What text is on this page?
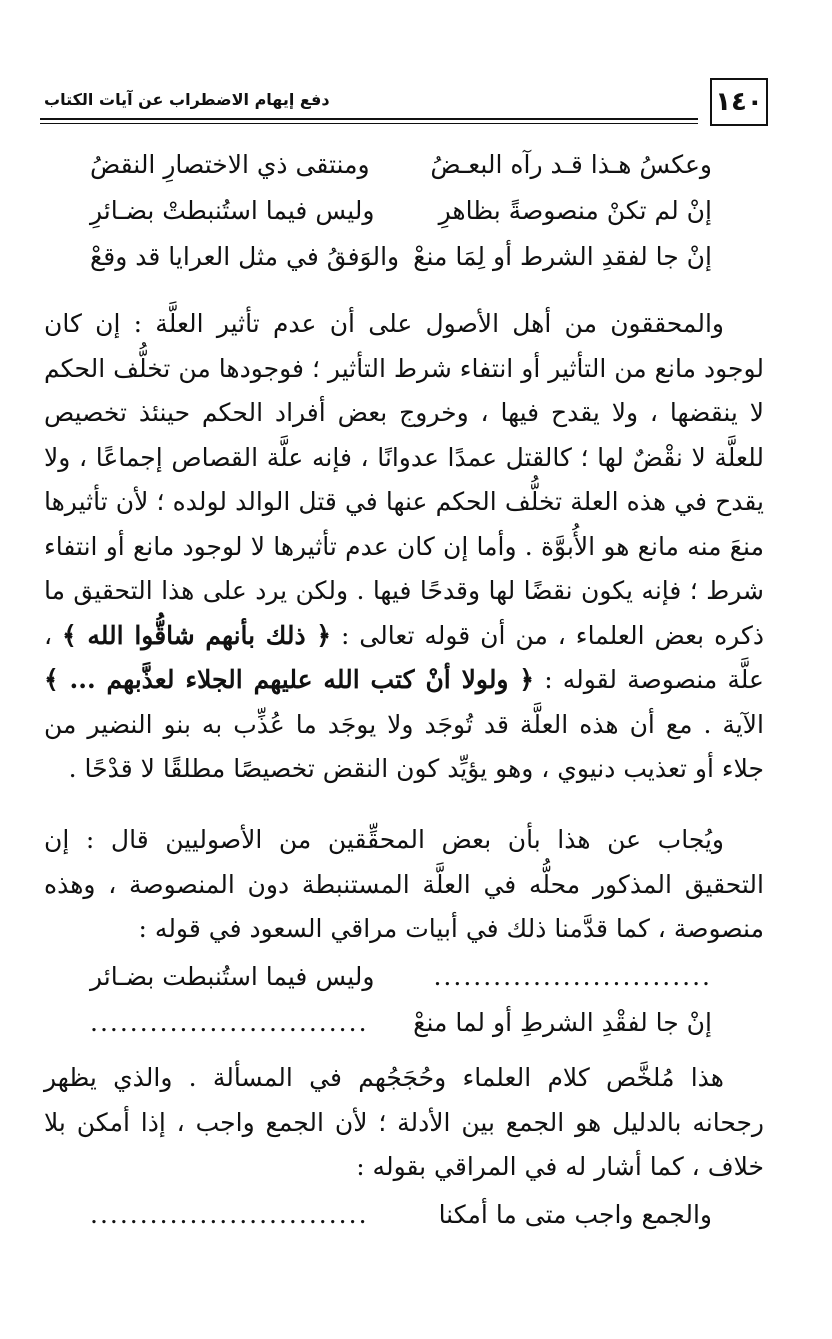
١٤٠
دفع إيهام الاضطراب عن آيات الكتاب
وعكسُ هـذا قـد رآه البعـضُ
ومنتقى ذي الاختصارِ النقضُ
إنْ لم تكنْ منصوصةً بظاهرِ
وليس فيما استُنبطتْ بضـائرِ
إنْ جا لفقدِ الشرط أو لِمَا منعْ
والوَفقُ في مثل العرايا قد وقعْ
والمحققون من أهل الأصول على أن عدم تأثير العلَّة : إن كان لوجود مانع من التأثير أو انتفاء شرط التأثير ؛ فوجودها من تخلُّف الحكم لا ينقضها ، ولا يقدح فيها ، وخروج بعض أفراد الحكم حينئذ تخصيص للعلَّة لا نقْضٌ لها ؛ كالقتل عمدًا عدوانًا ، فإنه علَّة القصاص إجماعًا ، ولا يقدح في هذه العلة تخلُّف الحكم عنها في قتل الوالد لولده ؛ لأن تأثيرها منعَ منه مانع هو الأُبوَّة . وأما إن كان عدم تأثيرها لا لوجود مانع أو انتفاء شرط ؛ فإنه يكون نقضًا لها وقدحًا فيها . ولكن يرد على هذا التحقيق ما ذكره بعض العلماء ، من أن قوله تعالى : ﴿ ذلك بأنهم شاقُّوا الله ﴾ ، علَّة منصوصة لقوله : ﴿ ولولا أنْ كتب الله عليهم الجلاء لعذَّبهم ... ﴾ الآية . مع أن هذه العلَّة قد تُوجَد ولا يوجَد ما عُذِّب به بنو النضير من جلاء أو تعذيب دنيوي ، وهو يؤيِّد كون النقض تخصيصًا مطلقًا لا قدْحًا .
ويُجاب عن هذا بأن بعض المحقِّقين من الأصوليين قال : إن التحقيق المذكور محلُّه في العلَّة المستنبطة دون المنصوصة ، وهذه منصوصة ، كما قدَّمنا ذلك في أبيات مراقي السعود في قوله :
............................
وليس فيما استُنبطت بضـائر
إنْ جا لفقْدِ الشرطِ أو لما منعْ
............................
هذا مُلخَّص كلام العلماء وحُجَجُهم في المسألة . والذي يظهر رجحانه بالدليل هو الجمع بين الأدلة ؛ لأن الجمع واجب ، إذا أمكن بلا خلاف ، كما أشار له في المراقي بقوله :
والجمع واجب متى ما أمكنا
............................
